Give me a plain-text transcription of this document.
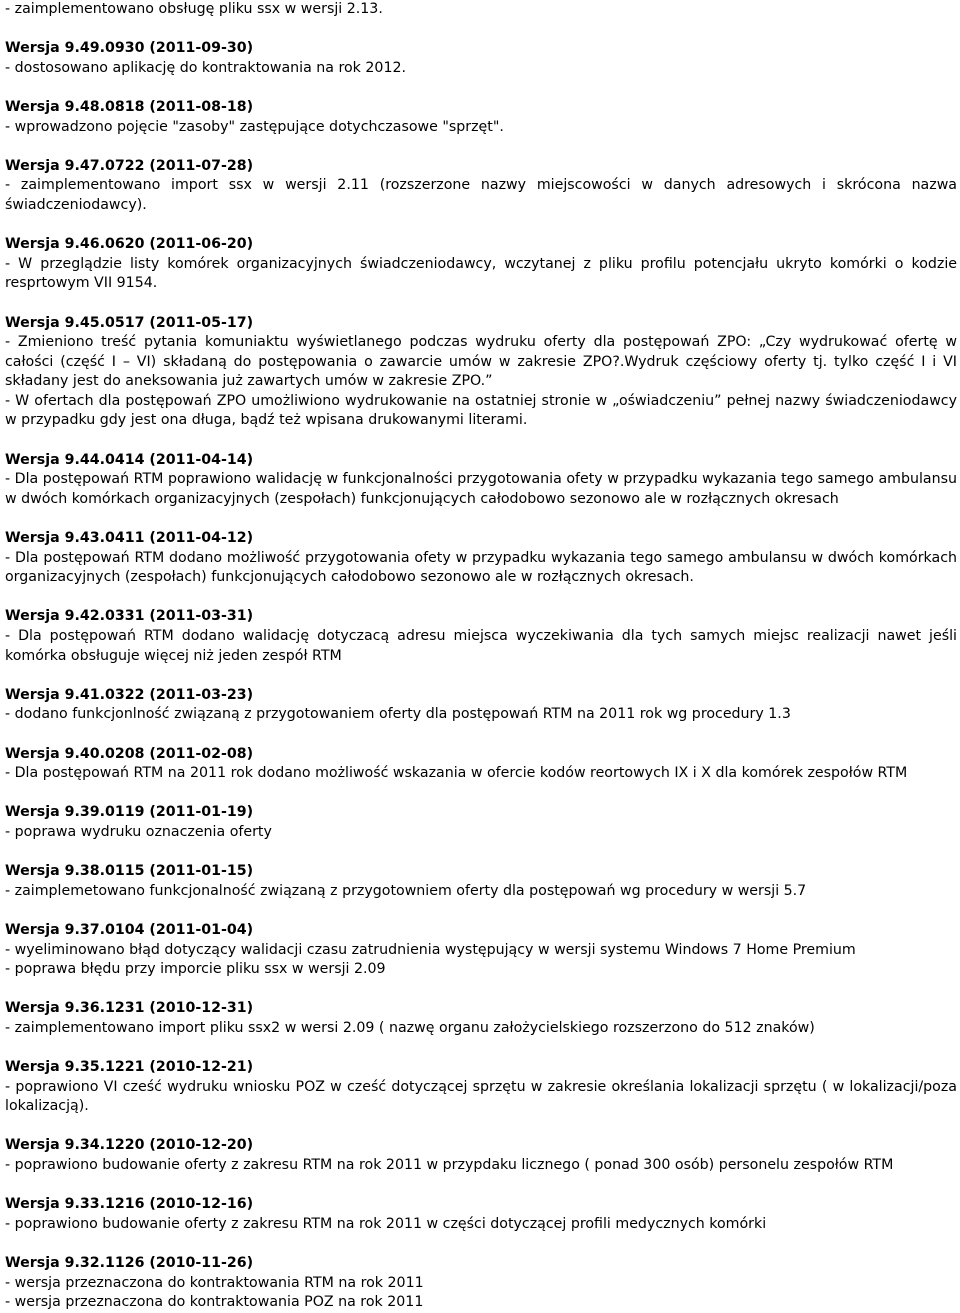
- zaimplementowano obsługę pliku ssx w wersji 2.13.

Wersja 9.49.0930 (2011-09-30)
- dostosowano aplikację do kontraktowania na rok 2012.
Wersja 9.48.0818 (2011-08-18)
- wprowadzono pojęcie "zasoby" zastępujące dotychczasowe "sprzęt".
Wersja 9.47.0722 (2011-07-28)
- zaimplementowano import ssx w wersji 2.11 (rozszerzone nazwy miejscowości w danych adresowych i skrócona nazwa świadczeniodawcy).
Wersja 9.46.0620 (2011-06-20)
- W przeglądzie listy komórek organizacyjnych świadczeniodawcy, wczytanej z pliku profilu potencjału ukryto komórki o kodzie resprtowym VII 9154.
Wersja 9.45.0517 (2011-05-17)
- Zmieniono treść pytania komuniaktu wyświetlanego podczas wydruku oferty dla postępowań ZPO: „Czy wydrukować ofertę w całości (część I – VI) składaną do postępowania o zawarcie umów w zakresie ZPO?.Wydruk częściowy oferty tj. tylko część I i VI składany jest do aneksowania już zawartych umów w zakresie ZPO.”
- W ofertach dla postępowań ZPO umożliwiono wydrukowanie na ostatniej stronie w „oświadczeniu” pełnej nazwy świadczeniodawcy w przypadku gdy jest ona długa, bądź też wpisana drukowanymi literami.
Wersja 9.44.0414 (2011-04-14)
- Dla postępowań RTM poprawiono walidację w funkcjonalności przygotowania ofety w przypadku wykazania tego samego ambulansu w dwóch komórkach organizacyjnych (zespołach) funkcjonujących całodobowo sezonowo ale w rozłącznych okresach
Wersja 9.43.0411 (2011-04-12)
- Dla postępowań RTM dodano możliwość przygotowania ofety w przypadku wykazania tego samego ambulansu w dwóch komórkach organizacyjnych (zespołach) funkcjonujących całodobowo sezonowo ale w rozłącznych okresach.
Wersja 9.42.0331 (2011-03-31)
- Dla postępowań RTM dodano walidację dotyczacą adresu miejsca wyczekiwania dla tych samych miejsc realizacji nawet jeśli komórka obsługuje więcej niż jeden zespół RTM
Wersja 9.41.0322 (2011-03-23)
- dodano funkcjonlność związaną z przygotowaniem oferty dla postępowań RTM na 2011 rok wg procedury 1.3
Wersja 9.40.0208 (2011-02-08)
- Dla postępowań RTM na 2011 rok dodano możliwość wskazania w ofercie kodów reortowych IX i X dla komórek zespołów RTM
Wersja 9.39.0119 (2011-01-19)
- poprawa wydruku oznaczenia oferty
Wersja 9.38.0115 (2011-01-15)
- zaimplemetowano funkcjonalność związaną z przygotowniem oferty dla postępowań wg procedury w wersji 5.7
Wersja 9.37.0104 (2011-01-04)
- wyeliminowano błąd dotyczący walidacji czasu zatrudnienia występujący w wersji systemu Windows 7 Home Premium
- poprawa błędu przy imporcie pliku ssx w wersji 2.09
Wersja 9.36.1231 (2010-12-31)
- zaimplementowano import pliku ssx2 w wersi 2.09 ( nazwę organu założycielskiego rozszerzono do 512 znaków)
Wersja 9.35.1221 (2010-12-21)
- poprawiono VI cześć wydruku wniosku POZ w cześć dotyczącej sprzętu w zakresie określania lokalizacji sprzętu ( w lokalizacji/poza lokalizacją).
Wersja 9.34.1220 (2010-12-20)
- poprawiono budowanie oferty z zakresu RTM na rok 2011 w przypdaku licznego ( ponad 300 osób) personelu zespołów RTM
Wersja 9.33.1216 (2010-12-16)
- poprawiono budowanie oferty z zakresu RTM na rok 2011 w części dotyczącej profili medycznych komórki
Wersja 9.32.1126 (2010-11-26)
- wersja przeznaczona do kontraktowania RTM na rok 2011
- wersja przeznaczona do kontraktowania POZ na rok 2011
